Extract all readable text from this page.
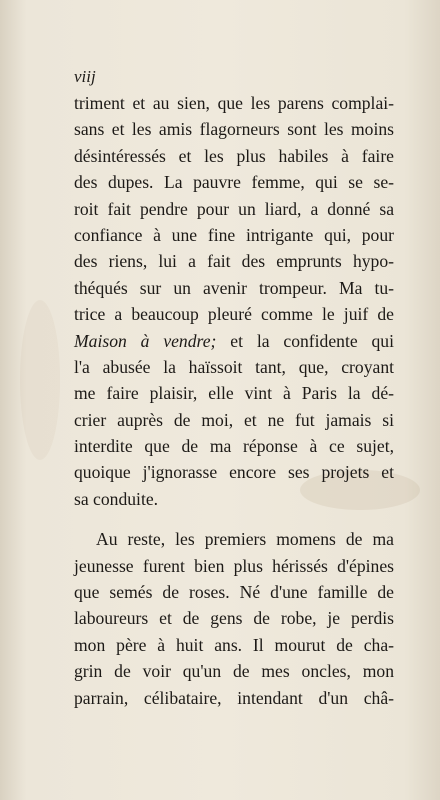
viij
triment et au sien, que les parens complai-
sans et les amis flagorneurs sont les moins
désintéressés et les plus habiles à faire
des dupes. La pauvre femme, qui se se-
roit fait pendre pour un liard, a donné sa
confiance à une fine intrigante qui, pour
des riens, lui a fait des emprunts hypo-
théqués sur un avenir trompeur. Ma tu-
trice a beaucoup pleuré comme le juif de
Maison à vendre; et la confidente qui
l'a abusée la haïssoit tant, que, croyant
me faire plaisir, elle vint à Paris la dé-
crier auprès de moi, et ne fut jamais si
interdite que de ma réponse à ce sujet,
quoique j'ignorasse encore ses projets et
sa conduite.
Au reste, les premiers momens de ma
jeunesse furent bien plus hérissés d'épines
que semés de roses. Né d'une famille de
laboureurs et de gens de robe, je perdis
mon père à huit ans. Il mourut de cha-
grin de voir qu'un de mes oncles, mon
parrain, célibataire, intendant d'un châ-
